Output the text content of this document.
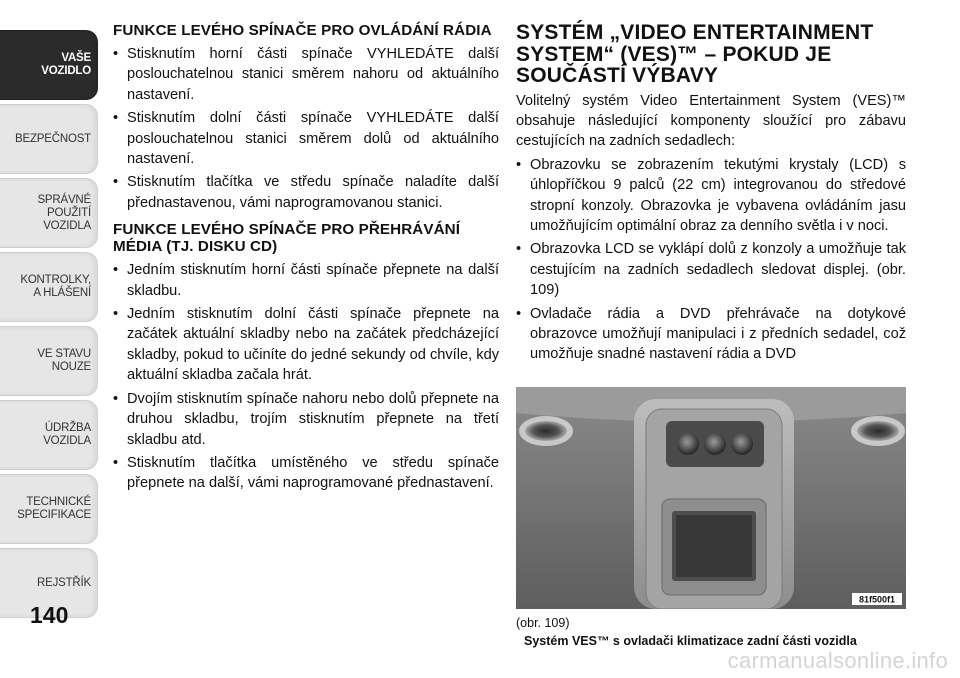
VAŠE
VOZIDLO
BEZPEČNOST
SPRÁVNÉ
POUŽITÍ
VOZIDLA
KONTROLKY,
A HLÁŠENÍ
VE STAVU
NOUZE
ÚDRŽBA
VOZIDLA
TECHNICKÉ
SPECIFIKACE
REJSTŘÍK
140
FUNKCE LEVÉHO SPÍNAČE PRO OVLÁDÁNÍ RÁDIA
• Stisknutím horní části spínače VYHLEDÁTE další poslouchatelnou stanici směrem nahoru od aktuálního nastavení.
• Stisknutím dolní části spínače VYHLEDÁTE další poslouchatelnou stanici směrem dolů od aktuálního nastavení.
• Stisknutím tlačítka ve středu spínače naladíte další přednastavenou, vámi naprogramovanou stanici.
FUNKCE LEVÉHO SPÍNAČE PRO PŘEHRÁVÁNÍ MÉDIA (TJ. DISKU CD)
• Jedním stisknutím horní části spínače přepnete na další skladbu.
• Jedním stisknutím dolní části spínače přepnete na začátek aktuální skladby nebo na začátek předcházející skladby, pokud to učiníte do jedné sekundy od chvíle, kdy aktuální skladba začala hrát.
• Dvojím stisknutím spínače nahoru nebo dolů přepnete na druhou skladbu, trojím stisknutím přepnete na třetí skladbu atd.
• Stisknutím tlačítka umístěného ve středu spínače přepnete na další, vámi naprogramované přednastavení.
SYSTÉM „VIDEO ENTERTAINMENT SYSTEM“ (VES)™ – POKUD JE SOUČÁSTÍ VÝBAVY

Volitelný systém Video Entertainment System (VES)™ obsahuje následující komponenty sloužící pro zábavu cestujících na zadních sedadlech:

• Obrazovku se zobrazením tekutými krystaly (LCD) s úhlopříčkou 9 palců (22 cm) integrovanou do středové stropní konzoly. Obrazovka je vybavena ovládáním jasu umožňujícím optimální obraz za denního světla i v noci.
• Obrazovka LCD se vyklápí dolů z konzoly a umožňuje tak cestujícím na zadních sedadlech sledovat displej. (obr. 109)
• Ovladače rádia a DVD přehrávače na dotykové obrazovce umožňují manipulaci i z předních sedadel, což umožňuje snadné nastavení rádia a DVD
81f500f1
(obr. 109)
Systém VES™ s ovladači klimatizace zadní části vozidla
carmanualsonline.info
